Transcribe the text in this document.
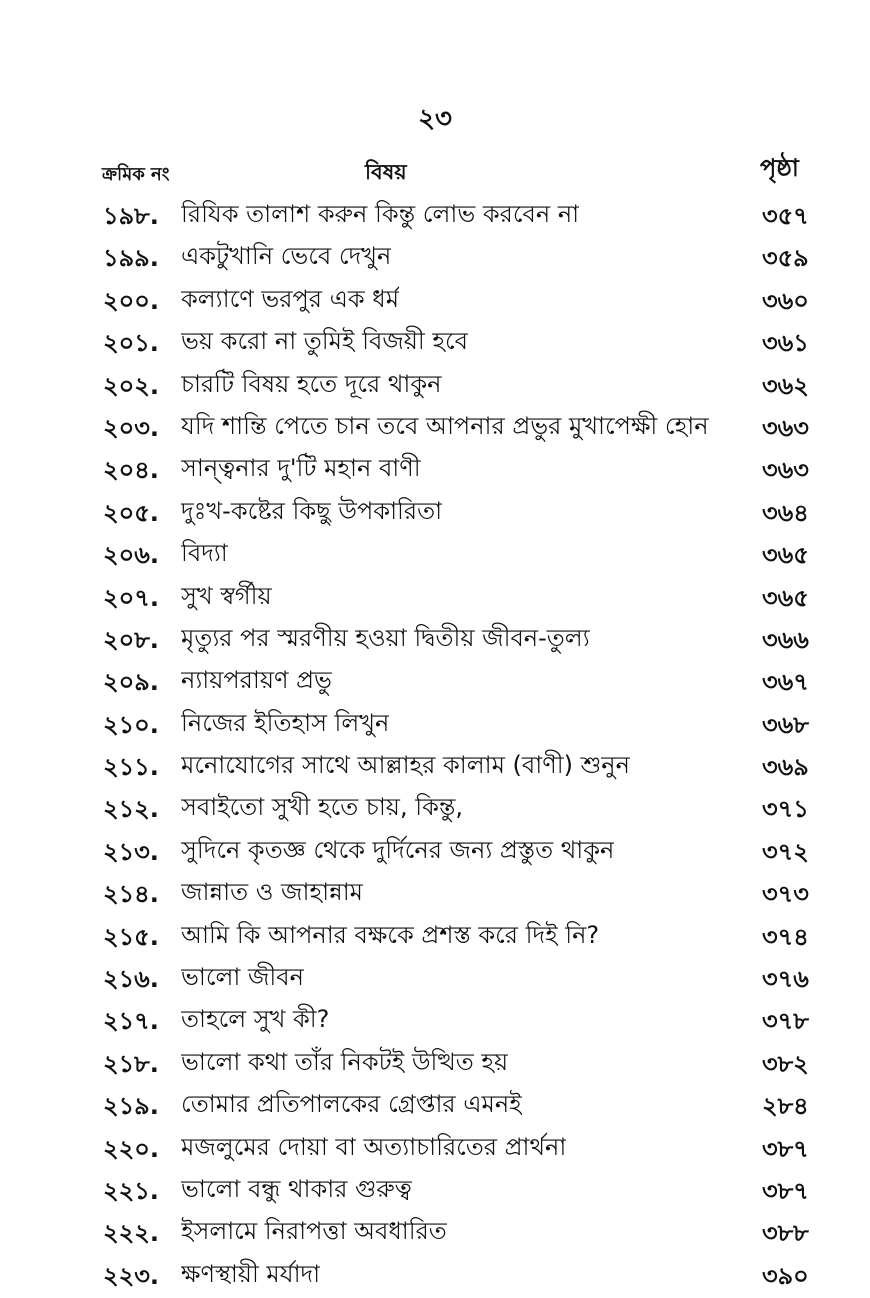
২৩
ক্রমিক নং	বিষয়	পৃষ্ঠা
১৯৮. রিযিক তালাশ করুন কিন্তু লোভ করবেন না	৩৫৭
১৯৯. একটুখানি ভেবে দেখুন	৩৫৯
২০০. কল্যাণে ভরপুর এক ধর্ম	৩৬০
২০১. ভয় করো না তুমিই বিজয়ী হবে	৩৬১
২০২. চারটি বিষয় হতে দূরে থাকুন	৩৬২
২০৩. যদি শান্তি পেতে চান তবে আপনার প্রভুর মুখাপেক্ষী হোন ৩৬৩
২০৪. সান্ত্বনার দু'টি মহান বাণী	৩৬৩
২০৫. দুঃখ-কষ্টের কিছু উপকারিতা	৩৬৪
২০৬. বিদ্যা	৩৬৫
২০৭. সুখ স্বর্গীয়	৩৬৫
২০৮. মৃত্যুর পর স্মরণীয় হওয়া দ্বিতীয় জীবন-তুল্য	৩৬৬
২০৯. ন্যায়পরায়ণ প্রভু	৩৬৭
২১০. নিজের ইতিহাস লিখুন	৩৬৮
২১১. মনোযোগের সাথে আল্লাহর কালাম (বাণী) শুনুন	৩৬৯
২১২. সবাইতো সুখী হতে চায়, কিন্তু,	৩৭১
২১৩. সুদিনে কৃতজ্ঞ থেকে দুর্দিনের জন্য প্রস্তুত থাকুন	৩৭২
২১৪. জান্নাত ও জাহান্নাম	৩৭৩
২১৫. আমি কি আপনার বক্ষকে প্রশস্ত করে দিই নি?	৩৭৪
২১৬. ভালো জীবন	৩৭৬
২১৭. তাহলে সুখ কী?	৩৭৮
২১৮. ভালো কথা তাঁর নিকটই উত্থিত হয়	৩৮২
২১৯. তোমার প্রতিপালকের গ্রেপ্তার এমনই	২৮৪
২২০. মজলুমের দোয়া বা অত্যাচারিতের প্রার্থনা	৩৮৭
২২১. ভালো বন্ধু থাকার গুরুত্ব	৩৮৭
২২২. ইসলামে নিরাপত্তা অবধারিত	৩৮৮
২২৩. ক্ষণস্থায়ী মর্যাদা	৩৯০
